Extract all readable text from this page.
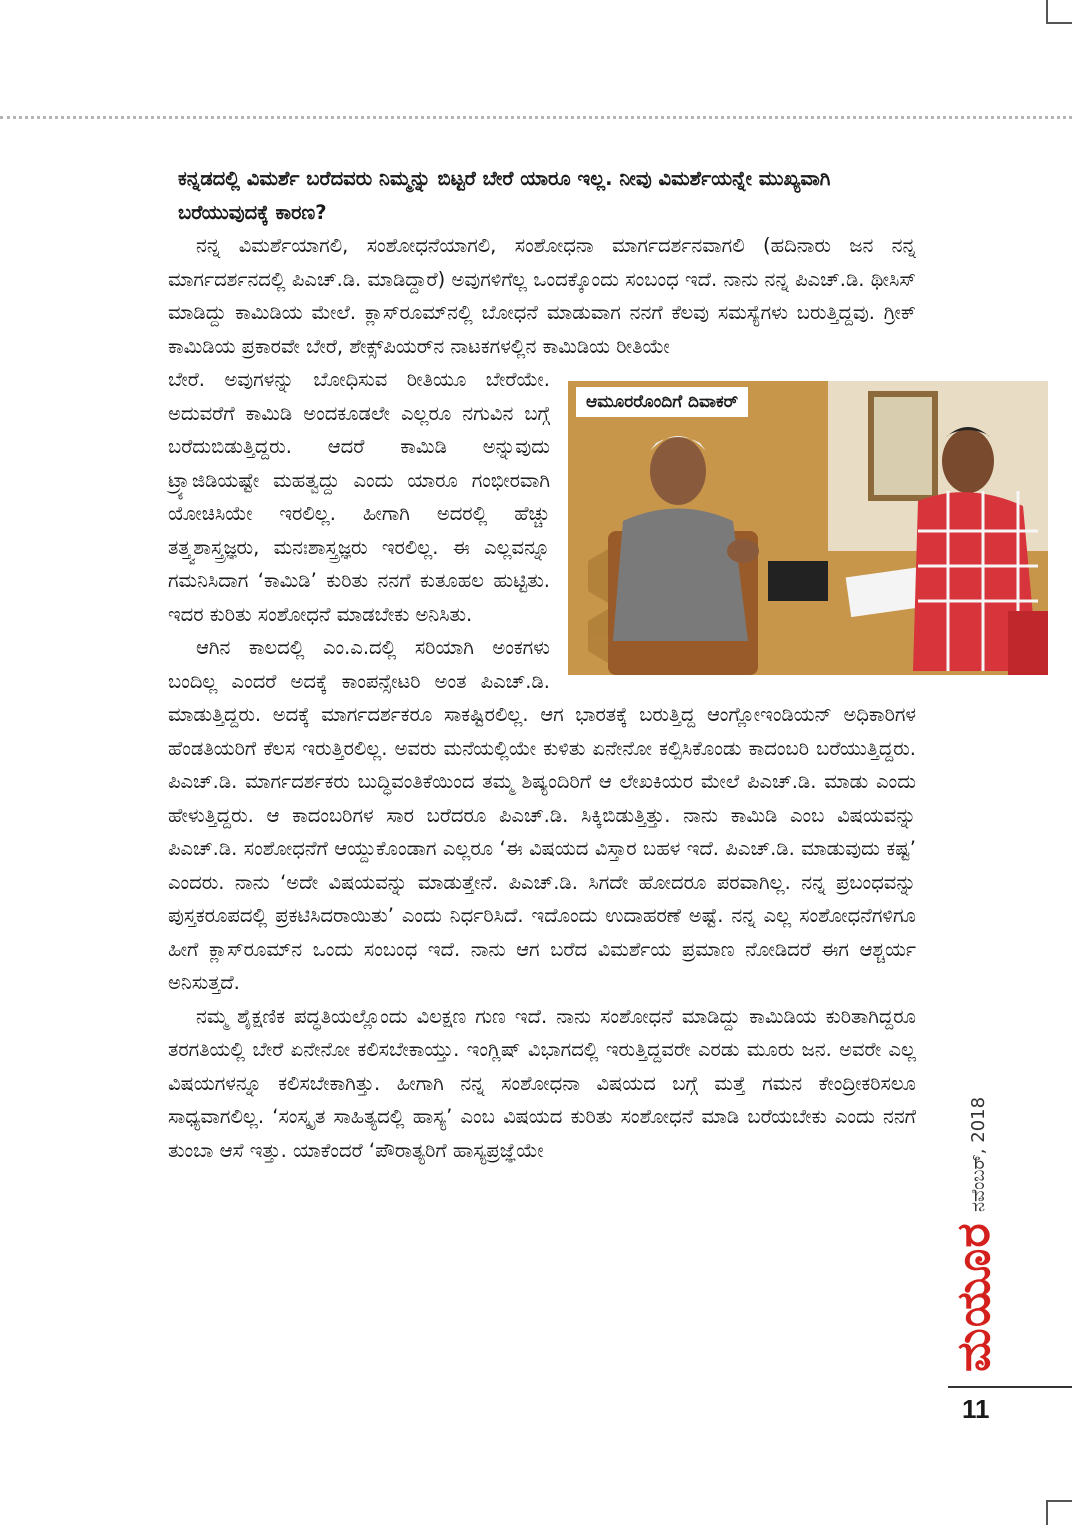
ಕನ್ನಡದಲ್ಲಿ ವಿಮರ್ಶೆ ಬರೆದವರು ನಿಮ್ಮನ್ನು ಬಿಟ್ಟರೆ ಬೇರೆ ಯಾರೂ ಇಲ್ಲ. ನೀವು ವಿಮರ್ಶೆಯನ್ನೇ ಮುಖ್ಯವಾಗಿ ಬರೆಯುವುದಕ್ಕೆ ಕಾರಣ?

ನನ್ನ ವಿಮರ್ಶೆಯಾಗಲಿ, ಸಂಶೋಧನೆಯಾಗಲಿ, ಸಂಶೋಧನಾ ಮಾರ್ಗದರ್ಶನವಾಗಲಿ (ಹದಿನಾರು ಜನ ನನ್ನ ಮಾರ್ಗದರ್ಶನದಲ್ಲಿ ಪಿಎಚ್.ಡಿ. ಮಾಡಿದ್ದಾರೆ) ಅವುಗಳಿಗೆಲ್ಲ ಒಂದಕ್ಕೊಂದು ಸಂಬಂಧ ಇದೆ. ನಾನು ನನ್ನ ಪಿಎಚ್.ಡಿ. ಥೀಸಿಸ್ ಮಾಡಿದ್ದು ಕಾಮಿಡಿಯ ಮೇಲೆ. ಕ್ಲಾಸ್‌ರೂಮ್‌ನಲ್ಲಿ ಬೋಧನೆ ಮಾಡುವಾಗ ನನಗೆ ಕೆಲವು ಸಮಸ್ಯೆಗಳು ಬರುತ್ತಿದ್ದವು. ಗ್ರೀಕ್ ಕಾಮಿಡಿಯ ಪ್ರಕಾರವೇ ಬೇರೆ, ಶೇಕ್ಸ್‌ಪಿಯರ್‌ನ ನಾಟಕಗಳಲ್ಲಿನ ಕಾಮಿಡಿಯ ರೀತಿಯೇ

ಆಮೂರರೊಂದಿಗೆ ದಿವಾಕರ್

ಬೇರೆ. ಅವುಗಳನ್ನು ಬೋಧಿಸುವ ರೀತಿಯೂ ಬೇರೆಯೇ. ಅದುವರೆಗೆ ಕಾಮಿಡಿ ಅಂದಕೂಡಲೇ ಎಲ್ಲರೂ ನಗುವಿನ ಬಗ್ಗೆ ಬರೆದುಬಿಡುತ್ತಿದ್ದರು. ಆದರೆ ಕಾಮಿಡಿ ಅನ್ನುವುದು ಟ್ರ್ಯಾಜಿಡಿಯಷ್ಟೇ ಮಹತ್ವದ್ದು ಎಂದು ಯಾರೂ ಗಂಭೀರವಾಗಿ ಯೋಚಿಸಿಯೇ ಇರಲಿಲ್ಲ. ಹೀಗಾಗಿ ಅದರಲ್ಲಿ ಹೆಚ್ಚು ತತ್ತ್ವಶಾಸ್ತ್ರಜ್ಞರು, ಮನಃಶಾಸ್ತ್ರಜ್ಞರು ಇರಲಿಲ್ಲ. ಈ ಎಲ್ಲವನ್ನೂ ಗಮನಿಸಿದಾಗ ‘ಕಾಮಿಡಿ’ ಕುರಿತು ನನಗೆ ಕುತೂಹಲ ಹುಟ್ಟಿತು. ಇದರ ಕುರಿತು ಸಂಶೋಧನೆ ಮಾಡಬೇಕು ಅನಿಸಿತು.

ಆಗಿನ ಕಾಲದಲ್ಲಿ ಎಂ.ಎ.ದಲ್ಲಿ ಸರಿಯಾಗಿ ಅಂಕಗಳು ಬಂದಿಲ್ಲ ಎಂದರೆ ಅದಕ್ಕೆ ಕಾಂಪನ್ಸೇಟರಿ ಅಂತ ಪಿಎಚ್.ಡಿ. ಮಾಡುತ್ತಿದ್ದರು. ಅದಕ್ಕೆ ಮಾರ್ಗದರ್ಶಕರೂ ಸಾಕಷ್ಟಿರಲಿಲ್ಲ. ಆಗ ಭಾರತಕ್ಕೆ ಬರುತ್ತಿದ್ದ ಆಂಗ್ಲೋಇಂಡಿಯನ್ ಅಧಿಕಾರಿಗಳ ಹೆಂಡತಿಯರಿಗೆ ಕೆಲಸ ಇರುತ್ತಿರಲಿಲ್ಲ. ಅವರು ಮನೆಯಲ್ಲಿಯೇ ಕುಳಿತು ಏನೇನೋ ಕಲ್ಪಿಸಿಕೊಂಡು ಕಾದಂಬರಿ ಬರೆಯುತ್ತಿದ್ದರು. ಪಿಎಚ್.ಡಿ. ಮಾರ್ಗದರ್ಶಕರು ಬುದ್ಧಿವಂತಿಕೆಯಿಂದ ತಮ್ಮ ಶಿಷ್ಯಂದಿರಿಗೆ ಆ ಲೇಖಕಿಯರ ಮೇಲೆ ಪಿಎಚ್.ಡಿ. ಮಾಡು ಎಂದು ಹೇಳುತ್ತಿದ್ದರು. ಆ ಕಾದಂಬರಿಗಳ ಸಾರ ಬರೆದರೂ ಪಿಎಚ್.ಡಿ. ಸಿಕ್ಕಿಬಿಡುತ್ತಿತ್ತು. ನಾನು ಕಾಮಿಡಿ ಎಂಬ ವಿಷಯವನ್ನು ಪಿಎಚ್.ಡಿ. ಸಂಶೋಧನೆಗೆ ಆಯ್ದುಕೊಂಡಾಗ ಎಲ್ಲರೂ ‘ಈ ವಿಷಯದ ವಿಸ್ತಾರ ಬಹಳ ಇದೆ. ಪಿಎಚ್.ಡಿ. ಮಾಡುವುದು ಕಷ್ಟ’ ಎಂದರು. ನಾನು ‘ಅದೇ ವಿಷಯವನ್ನು ಮಾಡುತ್ತೇನೆ. ಪಿಎಚ್.ಡಿ. ಸಿಗದೇ ಹೋದರೂ ಪರವಾಗಿಲ್ಲ. ನನ್ನ ಪ್ರಬಂಧವನ್ನು ಪುಸ್ತಕರೂಪದಲ್ಲಿ ಪ್ರಕಟಿಸಿದರಾಯಿತು’ ಎಂದು ನಿರ್ಧರಿಸಿದೆ. ಇದೊಂದು ಉದಾಹರಣೆ ಅಷ್ಟೆ. ನನ್ನ ಎಲ್ಲ ಸಂಶೋಧನೆಗಳಿಗೂ ಹೀಗೆ ಕ್ಲಾಸ್‌ರೂಮ್‌ನ ಒಂದು ಸಂಬಂಧ ಇದೆ. ನಾನು ಆಗ ಬರೆದ ವಿಮರ್ಶೆಯ ಪ್ರಮಾಣ ನೋಡಿದರೆ ಈಗ ಆಶ್ಚರ್ಯ ಅನಿಸುತ್ತದೆ.

ನಮ್ಮ ಶೈಕ್ಷಣಿಕ ಪದ್ಧತಿಯಲ್ಲೊಂದು ವಿಲಕ್ಷಣ ಗುಣ ಇದೆ. ನಾನು ಸಂಶೋಧನೆ ಮಾಡಿದ್ದು ಕಾಮಿಡಿಯ ಕುರಿತಾಗಿದ್ದರೂ ತರಗತಿಯಲ್ಲಿ ಬೇರೆ ಏನೇನೋ ಕಲಿಸಬೇಕಾಯ್ತು. ಇಂಗ್ಲಿಷ್ ವಿಭಾಗದಲ್ಲಿ ಇರುತ್ತಿದ್ದವರೇ ಎರಡು ಮೂರು ಜನ. ಅವರೇ ಎಲ್ಲ ವಿಷಯಗಳನ್ನೂ ಕಲಿಸಬೇಕಾಗಿತ್ತು. ಹೀಗಾಗಿ ನನ್ನ ಸಂಶೋಧನಾ ವಿಷಯದ ಬಗ್ಗೆ ಮತ್ತೆ ಗಮನ ಕೇಂದ್ರೀಕರಿಸಲೂ ಸಾಧ್ಯವಾಗಲಿಲ್ಲ. ‘ಸಂಸ್ಕೃತ ಸಾಹಿತ್ಯದಲ್ಲಿ ಹಾಸ್ಯ’ ಎಂಬ ವಿಷಯದ ಕುರಿತು ಸಂಶೋಧನೆ ಮಾಡಿ ಬರೆಯಬೇಕು ಎಂದು ನನಗೆ ತುಂಬಾ ಆಸೆ ಇತ್ತು. ಯಾಕೆಂದರೆ ‘ಪೌರಾತ್ಯರಿಗೆ ಹಾಸ್ಯಪ್ರಜ್ಞೆಯೇ	ನವೆಂಬರ್, 2018
ಮಯೂರ
11
